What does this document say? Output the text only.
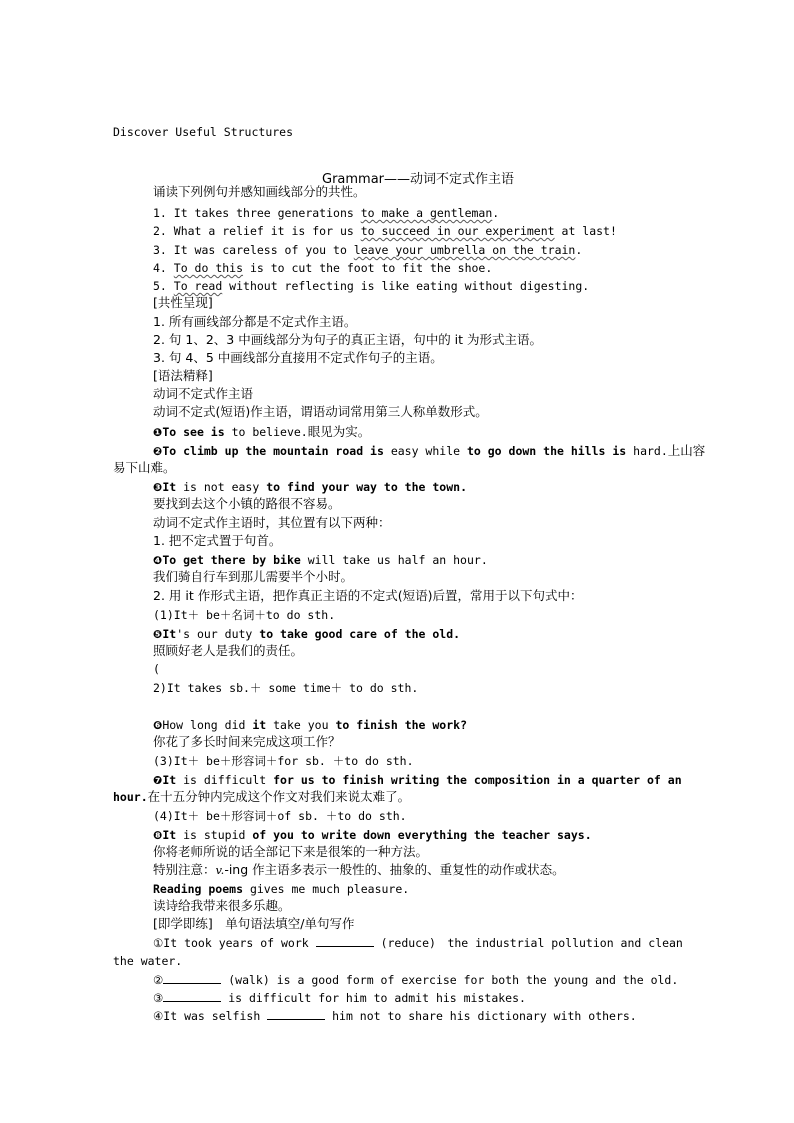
Discover Useful Structures
Grammar——动词不定式作主语
诵读下列例句并感知画线部分的共性。
1. It takes three generations to make a gentleman.
2. What a relief it is for us to succeed in our experiment at last!
3. It was careless of you to leave your umbrella on the train.
4. To do this is to cut the foot to fit the shoe.
5. To read without reflecting is like eating without digesting.
[共性呈现]
1. 所有画线部分都是不定式作主语。
2. 句 1、2、3 中画线部分为句子的真正主语，句中的 it 为形式主语。
3. 句 4、5 中画线部分直接用不定式作句子的主语。
[语法精释]
动词不定式作主语
动词不定式(短语)作主语，谓语动词常用第三人称单数形式。
❶To see is to believe.眼见为实。
❷To climb up the mountain road is easy while to go down the hills is hard.上山容
易下山难。
❸It is not easy to find your way to the town.
要找到去这个小镇的路很不容易。
动词不定式作主语时，其位置有以下两种：
1. 把不定式置于句首。
❹To get there by bike will take us half an hour.
我们骑自行车到那儿需要半个小时。
2. 用 it 作形式主语，把作真正主语的不定式(短语)后置，常用于以下句式中：
(1)It＋ be＋名词＋to do sth.
❺It's our duty to take good care of the old.
照顾好老人是我们的责任。
(
2)It takes sb.＋ some time＋ to do sth.
❻How long did it take you to finish the work?
你花了多长时间来完成这项工作？
(3)It＋ be＋形容词＋for sb. ＋to do sth.
❼It is difficult for us to finish writing the composition in a quarter of an
hour.在十五分钟内完成这个作文对我们来说太难了。
(4)It＋ be＋形容词＋of sb. ＋to do sth.
❽It is stupid of you to write down everything the teacher says.
你将老师所说的话全部记下来是很笨的一种方法。
特别注意：v.-ing 作主语多表示一般性的、抽象的、重复性的动作或状态。
Reading poems gives me much pleasure.
读诗给我带来很多乐趣。
[即学即练]　单句语法填空/单句写作
①It took years of work	(reduce)　the industrial pollution and clean
the water.
②	(walk) is a good form of exercise for both the young and the old.
③	is difficult for him to admit his mistakes.
④It was selfish	him not to share his dictionary with others.
